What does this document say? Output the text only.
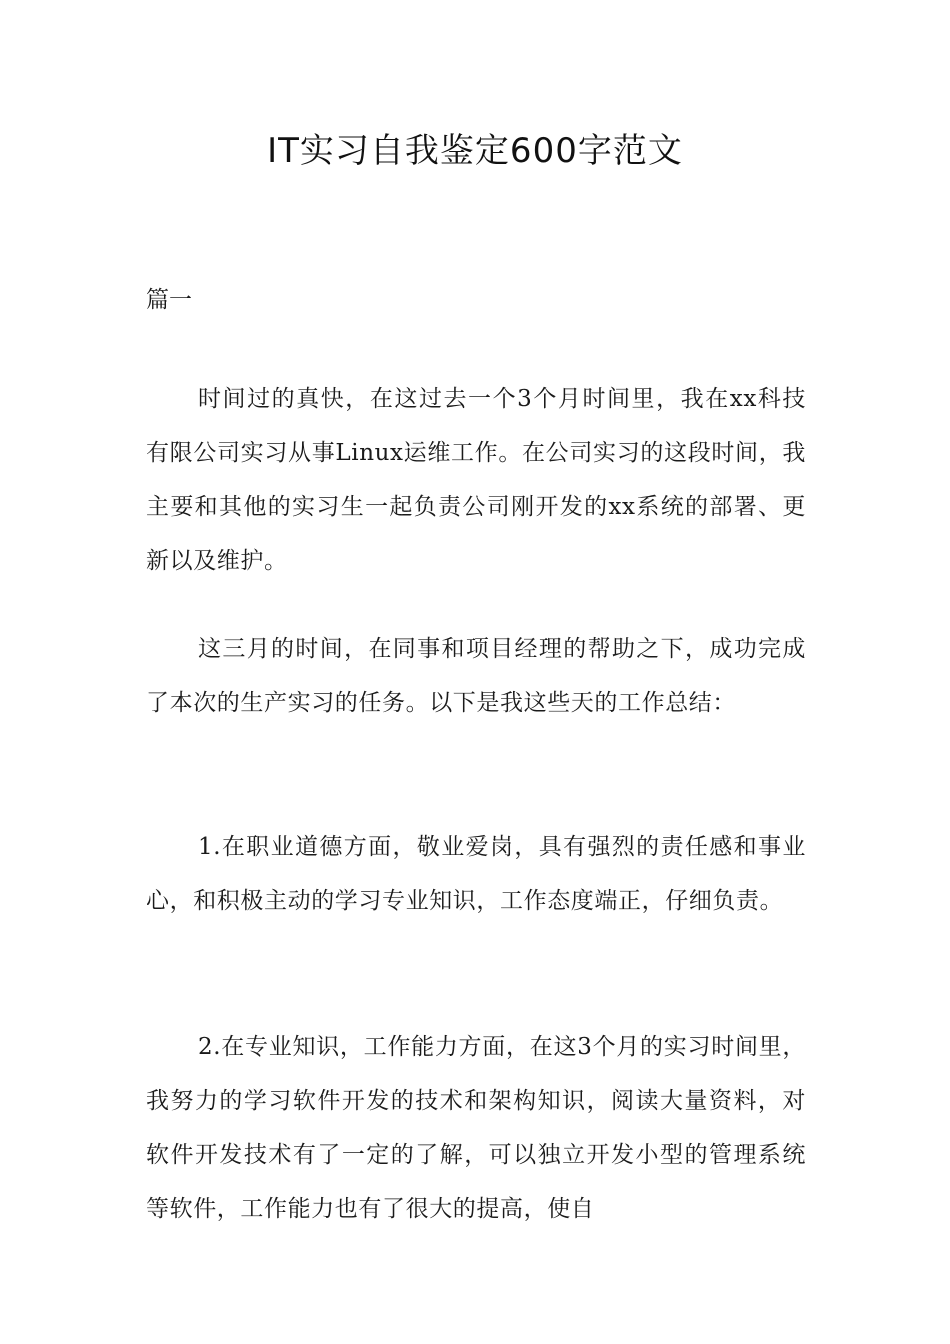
IT实习自我鉴定600字范文

篇一

时间过的真快，在这过去一个3个月时间里，我在xx科技有限公司实习从事Linux运维工作。在公司实习的这段时间，我主要和其他的实习生一起负责公司刚开发的xx系统的部署、更新以及维护。

这三月的时间，在同事和项目经理的帮助之下，成功完成了本次的生产实习的任务。以下是我这些天的工作总结：

1.在职业道德方面，敬业爱岗，具有强烈的责任感和事业心，和积极主动的学习专业知识，工作态度端正，仔细负责。

2.在专业知识，工作能力方面，在这3个月的实习时间里，我努力的学习软件开发的技术和架构知识，阅读大量资料，对软件开发技术有了一定的了解，可以独立开发小型的管理系统等软件，工作能力也有了很大的提高，使自
